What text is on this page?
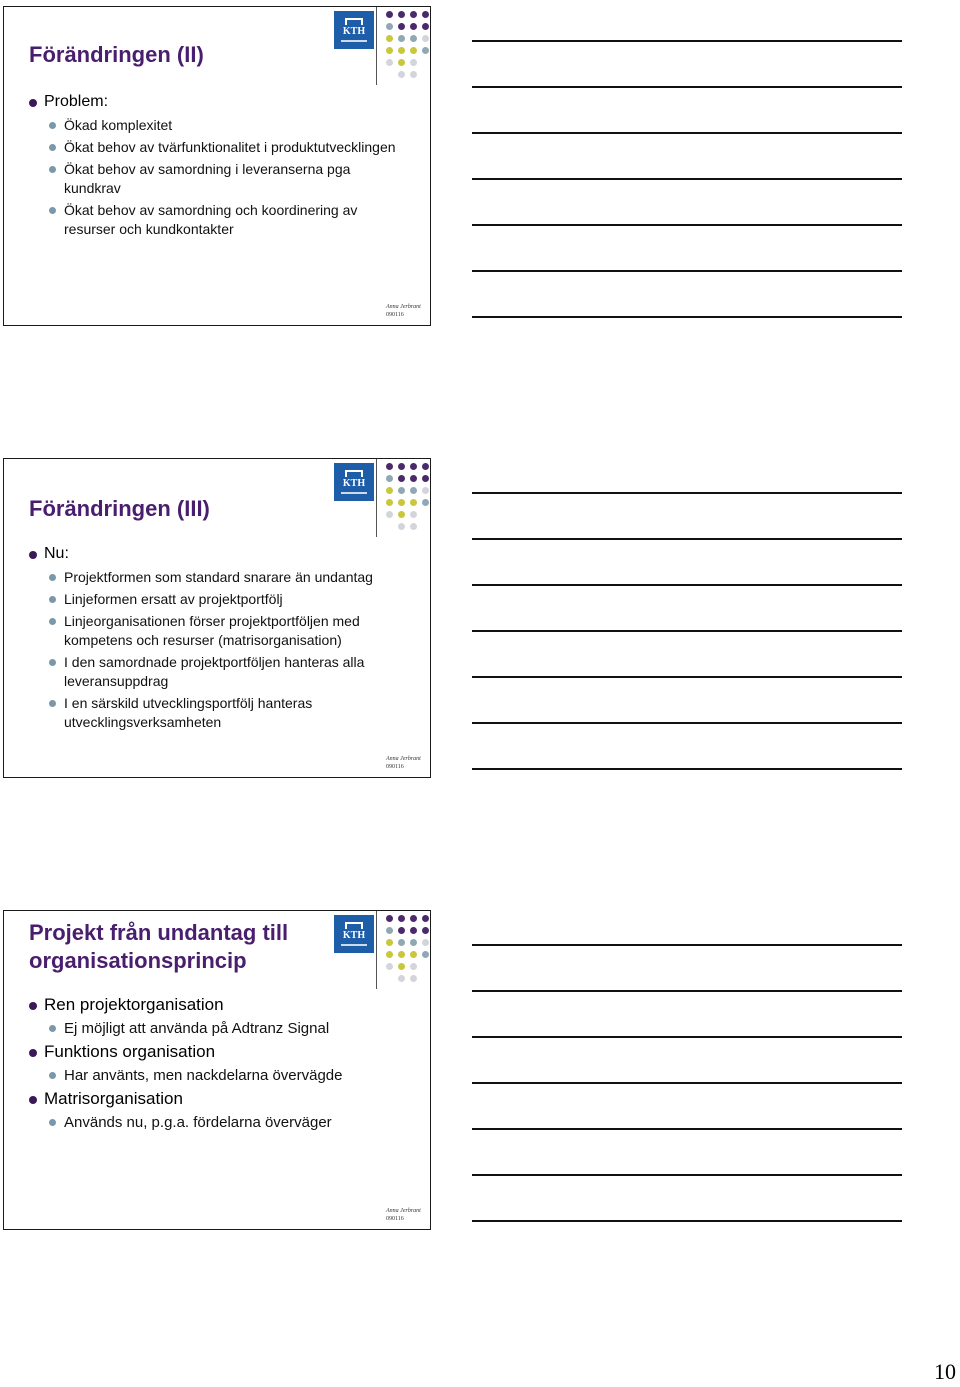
Förändringen (II)
KTH
Problem:
Ökad komplexitet
Ökat behov av tvärfunktionalitet i produktutvecklingen
Ökat behov av samordning i leveranserna pga kundkrav
Ökat behov av samordning och koordinering av resurser och kundkontakter
Anna Jerbrant
090116
Förändringen (III)
KTH
Nu:
Projektformen som standard snarare än undantag
Linjeformen ersatt av projektportfölj
Linjeorganisationen förser projektportföljen med kompetens och resurser (matrisorganisation)
I den samordnade projektportföljen hanteras alla leveransuppdrag
I en särskild utvecklingsportfölj hanteras utvecklingsverksamheten
Anna Jerbrant
090116
Projekt från undantag till
organisationsprincip
KTH
Ren projektorganisation
Ej möjligt att använda på Adtranz Signal
Funktions organisation
Har använts, men nackdelarna övervägde
Matrisorganisation
Används nu, p.g.a. fördelarna överväger
Anna Jerbrant
090116
10
